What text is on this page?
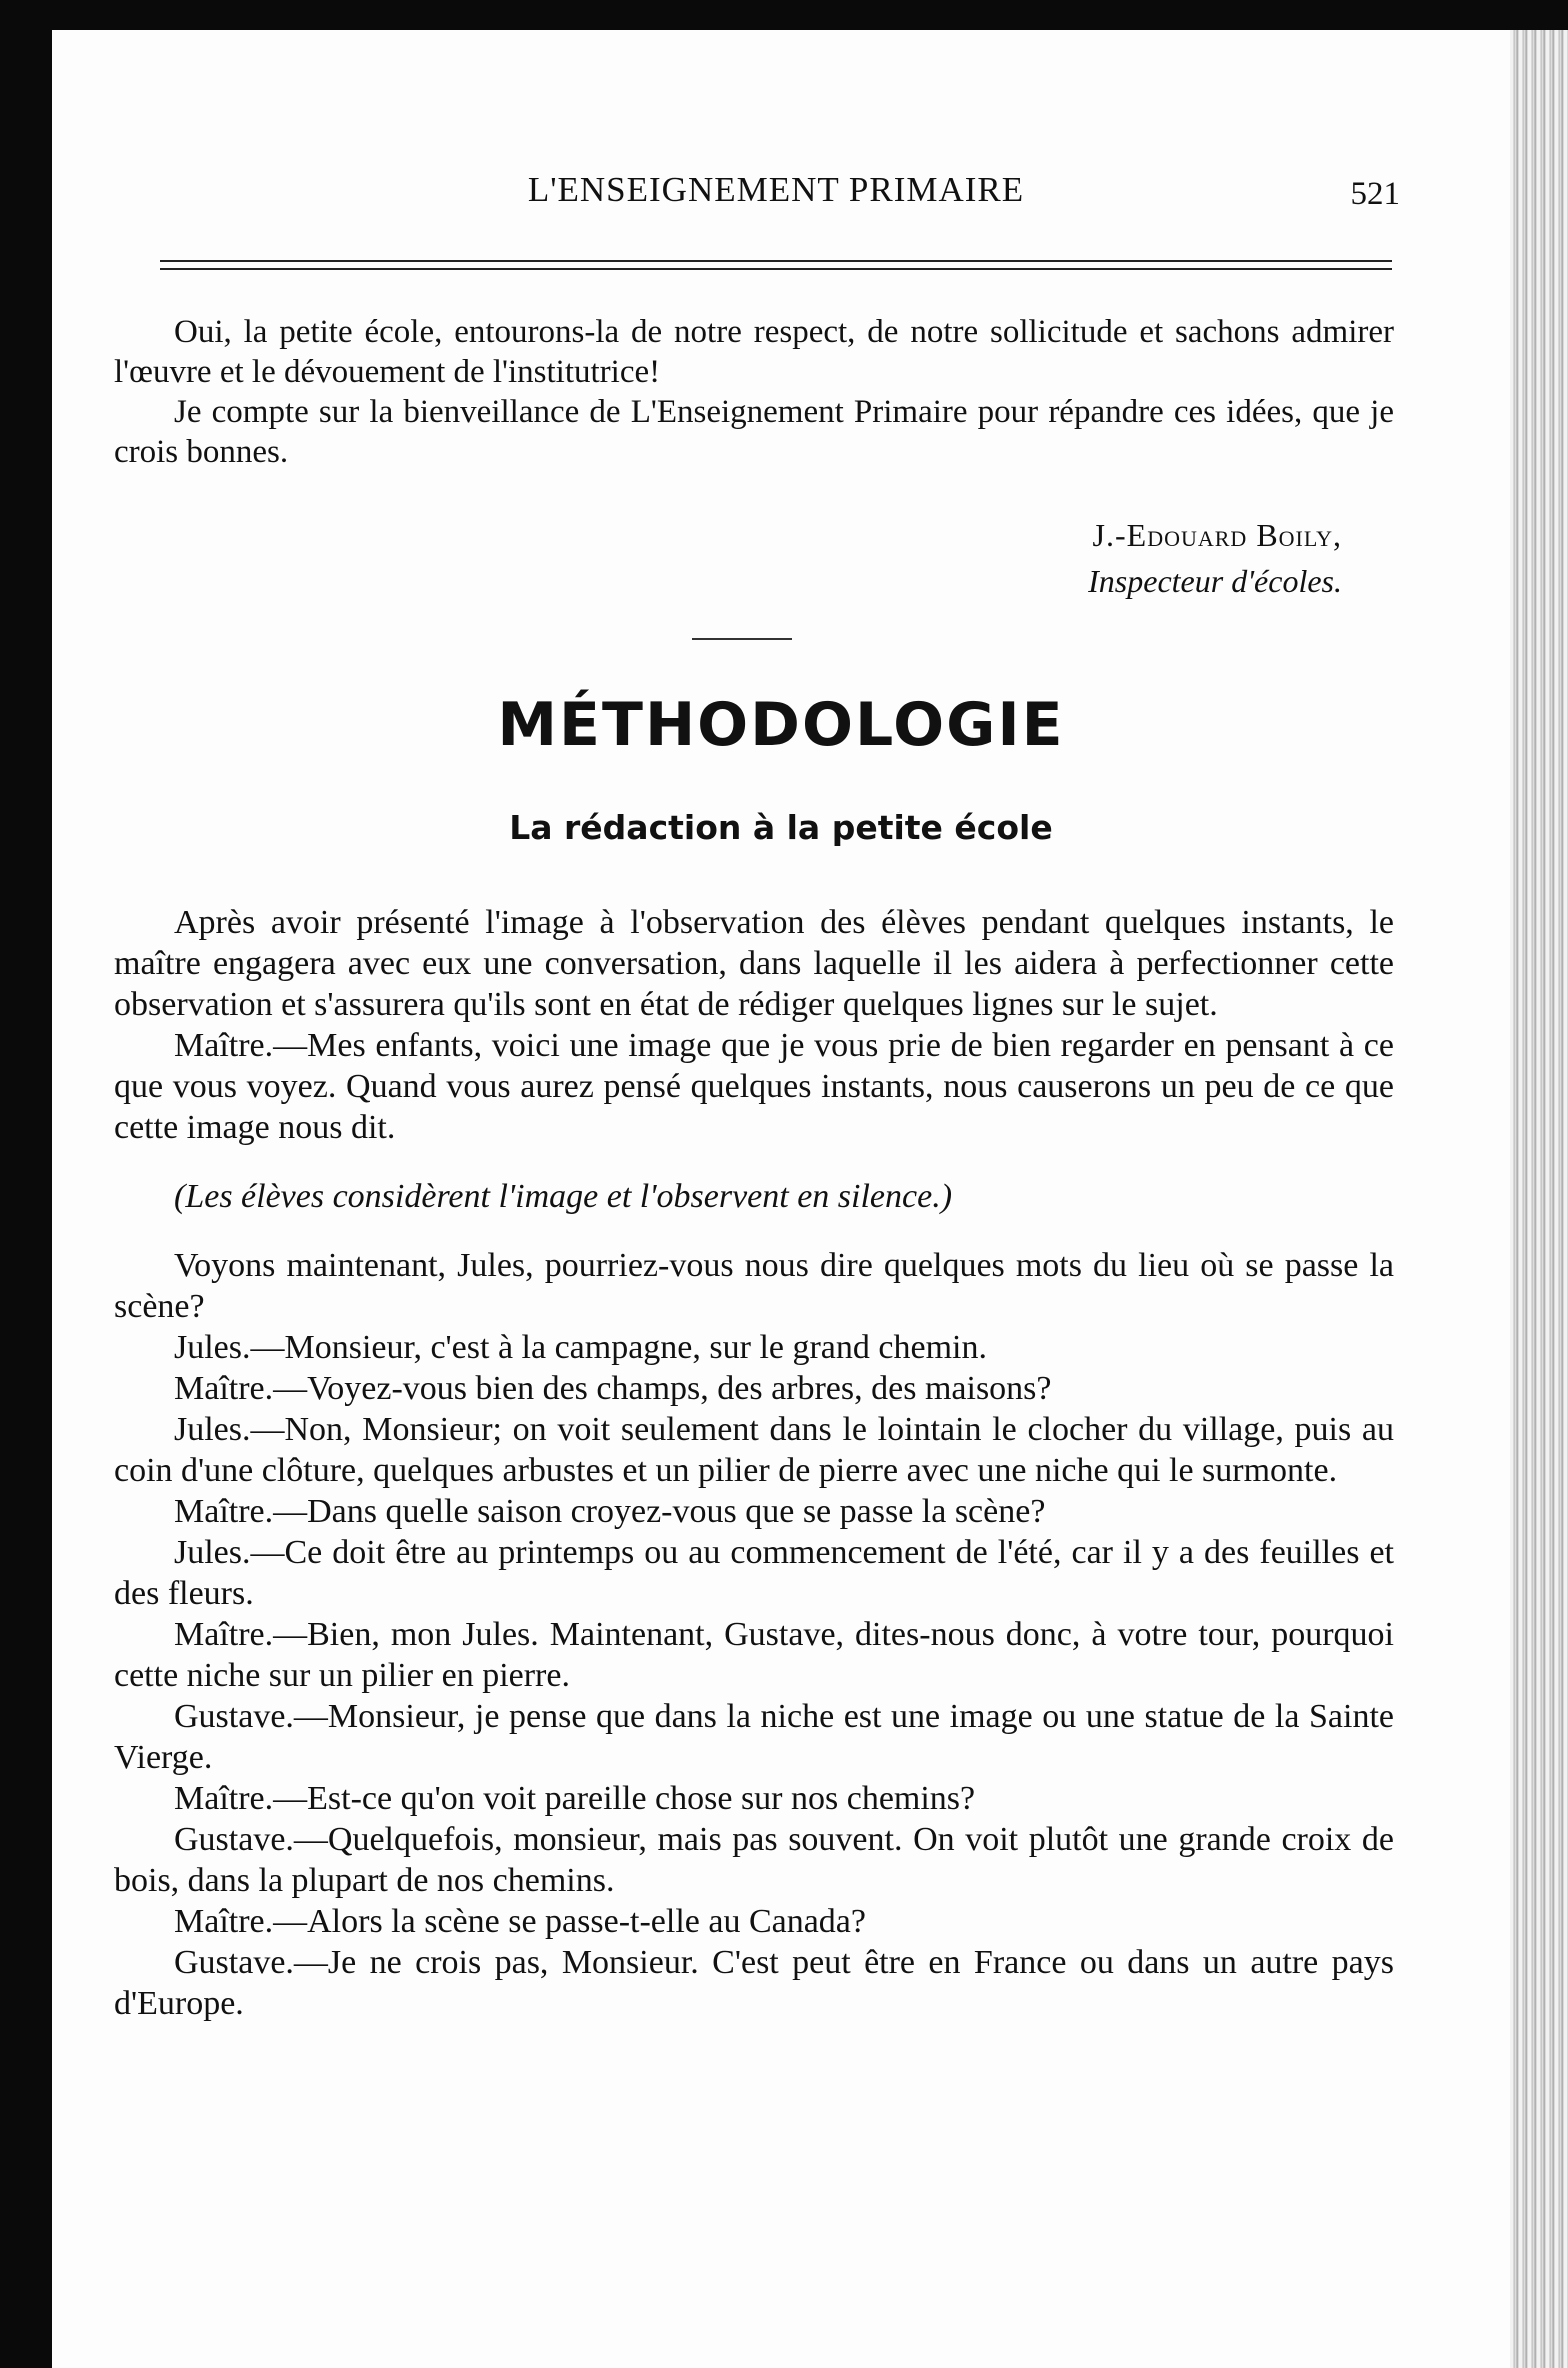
L'ENSEIGNEMENT PRIMAIRE	521

Oui, la petite école, entourons-la de notre respect, de notre sollicitude et sachons admirer l'œuvre et le dévouement de l'institutrice!

Je compte sur la bienveillance de L'Enseignement Primaire pour répandre ces idées, que je crois bonnes.

J.-Edouard Boily,
Inspecteur d'écoles.
MÉTHODOLOGIE
La rédaction à la petite école

Après avoir présenté l'image à l'observation des élèves pendant quelques instants, le maître engagera avec eux une conversation, dans laquelle il les aidera à perfectionner cette observation et s'assurera qu'ils sont en état de rédiger quelques lignes sur le sujet.

Maître.—Mes enfants, voici une image que je vous prie de bien regarder en pensant à ce que vous voyez. Quand vous aurez pensé quelques instants, nous causerons un peu de ce que cette image nous dit.

(Les élèves considèrent l'image et l'observent en silence.)

Voyons maintenant, Jules, pourriez-vous nous dire quelques mots du lieu où se passe la scène?

Jules.—Monsieur, c'est à la campagne, sur le grand chemin.

Maître.—Voyez-vous bien des champs, des arbres, des maisons?

Jules.—Non, Monsieur; on voit seulement dans le lointain le clocher du village, puis au coin d'une clôture, quelques arbustes et un pilier de pierre avec une niche qui le surmonte.

Maître.—Dans quelle saison croyez-vous que se passe la scène?

Jules.—Ce doit être au printemps ou au commencement de l'été, car il y a des feuilles et des fleurs.

Maître.—Bien, mon Jules. Maintenant, Gustave, dites-nous donc, à votre tour, pourquoi cette niche sur un pilier en pierre.

Gustave.—Monsieur, je pense que dans la niche est une image ou une statue de la Sainte Vierge.

Maître.—Est-ce qu'on voit pareille chose sur nos chemins?

Gustave.—Quelquefois, monsieur, mais pas souvent. On voit plutôt une grande croix de bois, dans la plupart de nos chemins.

Maître.—Alors la scène se passe-t-elle au Canada?

Gustave.—Je ne crois pas, Monsieur. C'est peut être en France ou dans un autre pays d'Europe.
